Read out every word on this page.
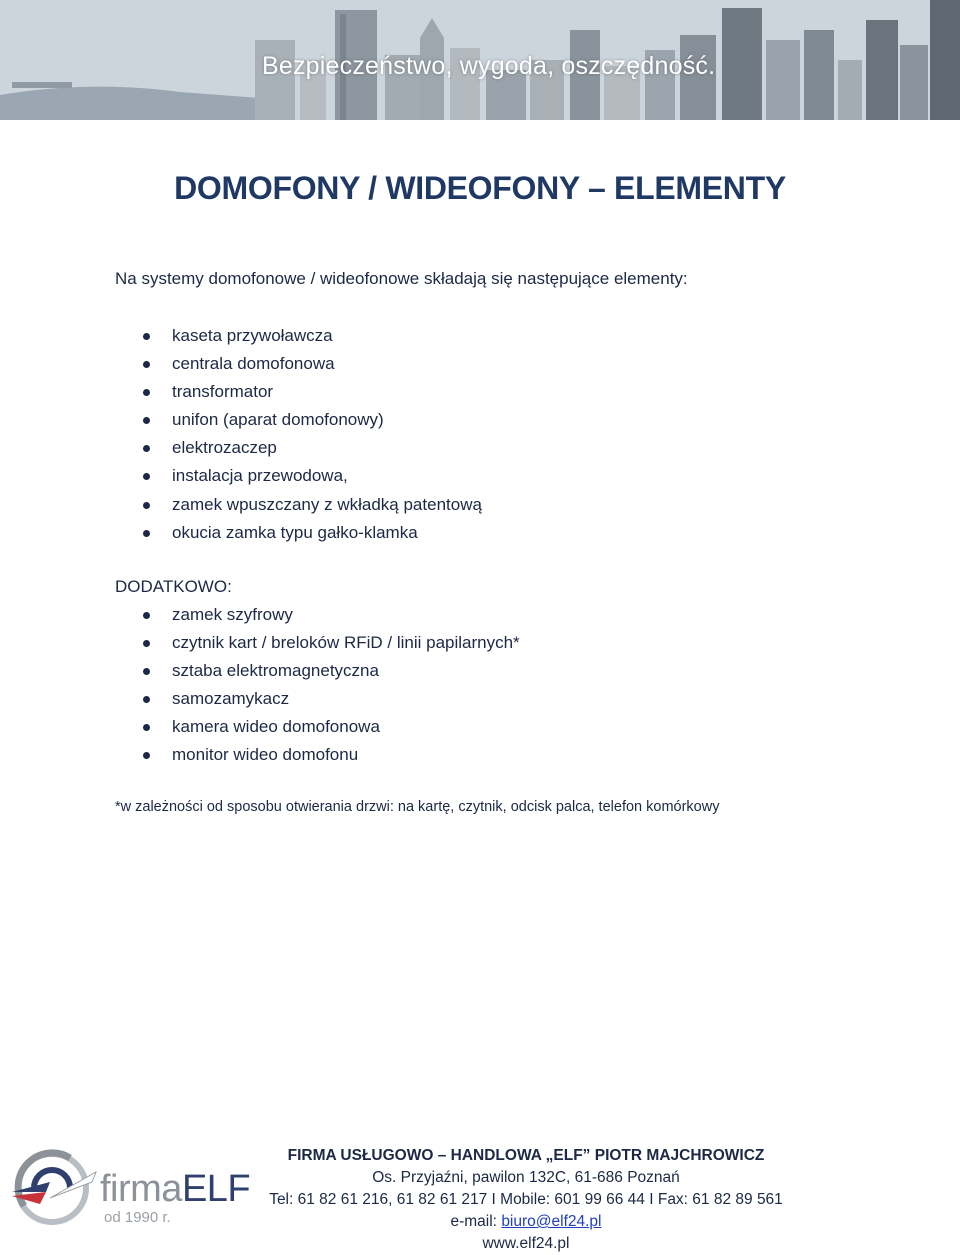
Bezpieczeństwo, wygoda, oszczędność.
DOMOFONY / WIDEOFONY – ELEMENTY
Na systemy domofonowe / wideofonowe składają się następujące elementy:
kaseta przywoławcza
centrala domofonowa
transformator
unifon (aparat domofonowy)
elektrozaczep
instalacja przewodowa,
zamek wpuszczany z wkładką patentową
okucia zamka typu gałko-klamka
DODATKOWO:
zamek szyfrowy
czytnik kart / breloków RFiD / linii papilarnych*
sztaba elektromagnetyczna
samozamykacz
kamera wideo domofonowa
monitor wideo domofonu
*w zależności od sposobu otwierania drzwi: na kartę, czytnik, odcisk palca, telefon komórkowy
firmaELF
od 1990 r.
FIRMA USŁUGOWO – HANDLOWA „ELF” PIOTR MAJCHROWICZ
Os. Przyjaźni, pawilon 132C, 61-686 Poznań
Tel: 61 82 61 216, 61 82 61 217 I Mobile: 601 99 66 44 I Fax: 61 82 89 561
e-mail: biuro@elf24.pl
www.elf24.pl
